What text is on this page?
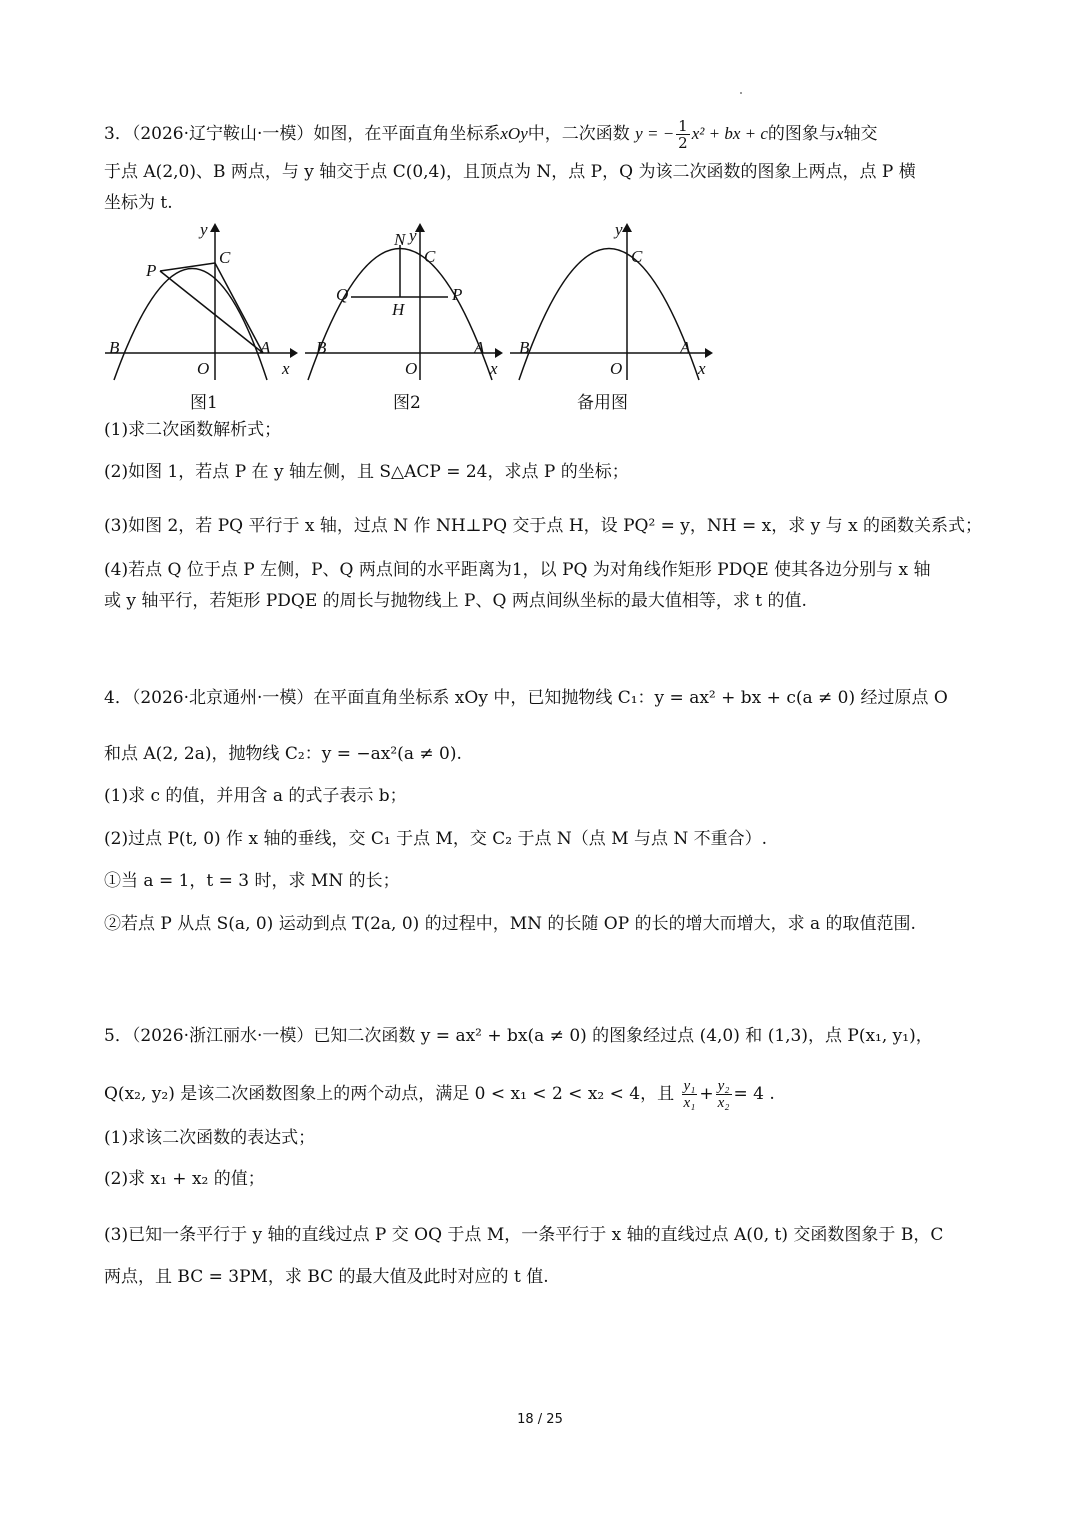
3．（2026·辽宁鞍山·一模）如图，在平面直角坐标系xOy中，二次函数 y = − $\frac{1}{2} x^2$ + bx + c的图象与x轴交
于点 A(2,0)、B 两点，与 y 轴交于点 C(0,4)，且顶点为 N，点 P，Q 为该二次函数的图象上两点，点 P 横
坐标为 t.
y
C
P
B
O
A
x
N y
C
Q
H
P
B
O
A
x
y
C
B
O
A
x
图1	图2	备用图
(1)求二次函数解析式；
(2)如图 1，若点 P 在 y 轴左侧，且 S△ACP = 24，求点 P 的坐标；
(3)如图 2，若 PQ 平行于 x 轴，过点 N 作 NH⊥PQ 交于点 H，设 PQ² = y，NH = x，求 y 与 x 的函数关系式；
(4)若点 Q 位于点 P 左侧，P、Q 两点间的水平距离为1，以 PQ 为对角线作矩形 PDQE 使其各边分别与 x 轴
或 y 轴平行，若矩形 PDQE 的周长与抛物线上 P、Q 两点间纵坐标的最大值相等，求 t 的值.
4．（2026·北京通州·一模）在平面直角坐标系 xOy 中，已知抛物线 C₁：y = ax² + bx + c(a ≠ 0) 经过原点 O
和点 A(2, 2a)，抛物线 C₂：y = −ax²(a ≠ 0).
(1)求 c 的值，并用含 a 的式子表示 b；
(2)过点 P(t, 0) 作 x 轴的垂线，交 C₁ 于点 M，交 C₂ 于点 N（点 M 与点 N 不重合）.
①当 a = 1，t = 3 时，求 MN 的长；
②若点 P 从点 S(a, 0) 运动到点 T(2a, 0) 的过程中，MN 的长随 OP 的长的增大而增大，求 a 的取值范围.
5．（2026·浙江丽水·一模）已知二次函数 y = ax² + bx(a ≠ 0) 的图象经过点 (4,0) 和 (1,3)，点 P(x₁, y₁)，
Q(x₂, y₂) 是该二次函数图象上的两个动点，满足 0 < x₁ < 2 < x₂ < 4，且 $\frac{\text{y₁}}{\text{x₁}} + \frac{\text{y₂}}{\text{x₂}} = 4$ .
(1)求该二次函数的表达式；
(2)求 x₁ + x₂ 的值；
(3)已知一条平行于 y 轴的直线过点 P 交 OQ 于点 M，一条平行于 x 轴的直线过点 A(0, t) 交函数图象于 B，C
两点，且 BC = 3PM，求 BC 的最大值及此时对应的 t 值.
18 / 25
